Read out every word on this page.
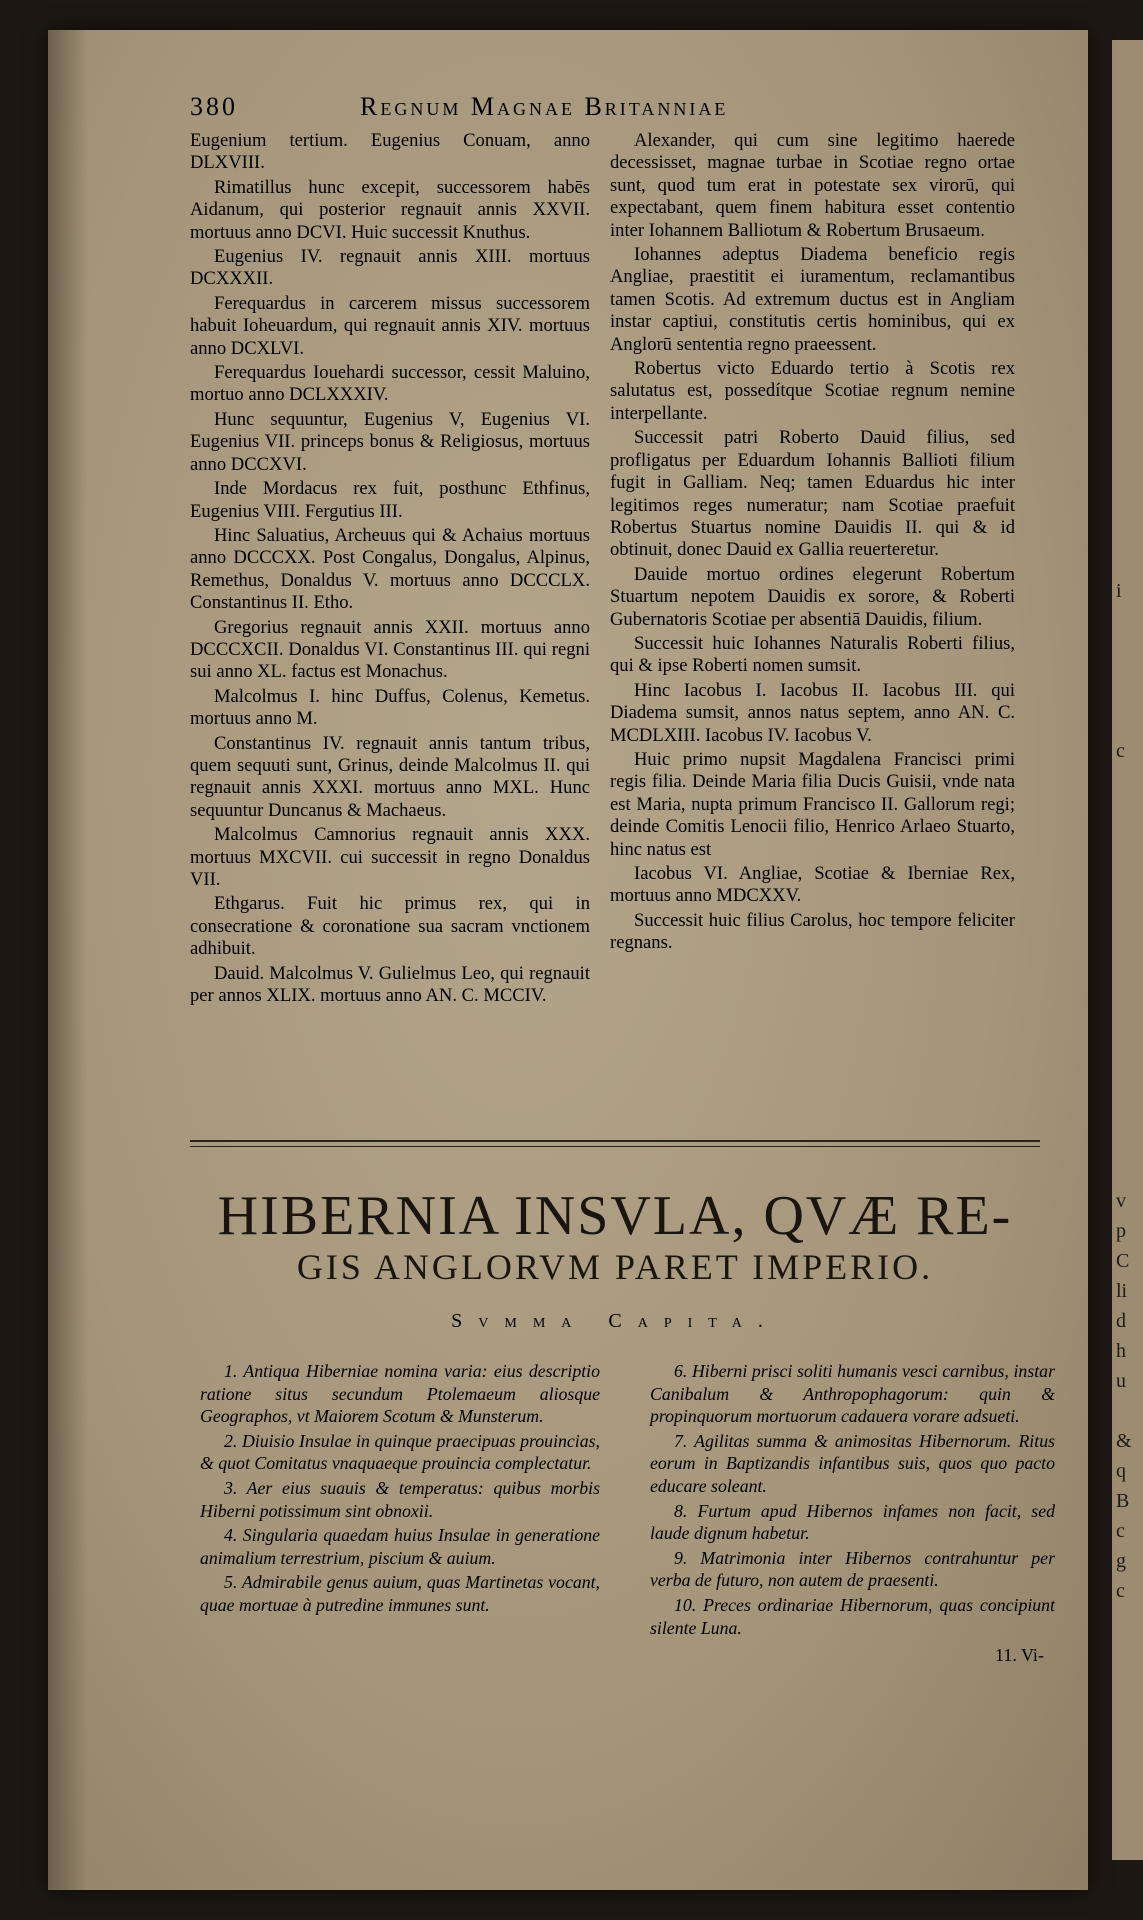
i
c
v
p
C
li
d
h
u
&
q
B
c
g
c
380	Regnum Magnae Britanniae

Eugenium tertium. Eugenius Conuam, anno DLXVIII.

Rimatillus hunc excepit, successorem habēs Aidanum, qui posterior regnauit annis XXVII. mortuus anno DCVI. Huic successit Knuthus.

Eugenius IV. regnauit annis XIII. mortuus DCXXXII.

Ferequardus in carcerem missus successorem habuit Ioheuardum, qui regnauit annis XIV. mortuus anno DCXLVI.

Ferequardus Iouehardi successor, cessit Maluino, mortuo anno DCLXXXIV.

Hunc sequuntur, Eugenius V, Eugenius VI. Eugenius VII. princeps bonus & Religiosus, mortuus anno DCCXVI.

Inde Mordacus rex fuit, posthunc Ethfinus, Eugenius VIII. Fergutius III.

Hinc Saluatius, Archeuus qui & Achaius mortuus anno DCCCXX. Post Congalus, Dongalus, Alpinus, Remethus, Donaldus V. mortuus anno DCCCLX. Constantinus II. Etho.

Gregorius regnauit annis XXII. mortuus anno DCCCXCII. Donaldus VI. Constantinus III. qui regni sui anno XL. factus est Monachus.

Malcolmus I. hinc Duffus, Colenus, Kemetus. mortuus anno M.

Constantinus IV. regnauit annis tantum tribus, quem sequuti sunt, Grinus, deinde Malcolmus II. qui regnauit annis XXXI. mortuus anno MXL. Hunc sequuntur Duncanus & Machaeus.

Malcolmus Camnorius regnauit annis XXX. mortuus MXCVII. cui successit in regno Donaldus VII.

Ethgarus. Fuit hic primus rex, qui in consecratione & coronatione sua sacram vnctionem adhibuit.

Dauid. Malcolmus V. Gulielmus Leo, qui regnauit per annos XLIX. mortuus anno AN. C. MCCIV.

Alexander, qui cum sine legitimo haerede decessisset, magnae turbae in Scotiae regno ortae sunt, quod tum erat in potestate sex virorū, qui expectabant, quem finem habitura esset contentio inter Iohannem Balliotum & Robertum Brusaeum.

Iohannes adeptus Diadema beneficio regis Angliae, praestitit ei iuramentum, reclamantibus tamen Scotis. Ad extremum ductus est in Angliam instar captiui, constitutis certis hominibus, qui ex Anglorū sententia regno praeessent.

Robertus victo Eduardo tertio à Scotis rex salutatus est, possedítque Scotiae regnum nemine interpellante.

Successit patri Roberto Dauid filius, sed profligatus per Eduardum Iohannis Ballioti filium fugit in Galliam. Neq; tamen Eduardus hic inter legitimos reges numeratur; nam Scotiae praefuit Robertus Stuartus nomine Dauidis II. qui & id obtinuit, donec Dauid ex Gallia reuerteretur.

Dauide mortuo ordines elegerunt Robertum Stuartum nepotem Dauidis ex sorore, & Roberti Gubernatoris Scotiae per absentiā Dauidis, filium.

Successit huic Iohannes Naturalis Roberti filius, qui & ipse Roberti nomen sumsit.

Hinc Iacobus I. Iacobus II. Iacobus III. qui Diadema sumsit, annos natus septem, anno AN. C. MCDLXIII. Iacobus IV. Iacobus V.

Huic primo nupsit Magdalena Francisci primi regis filia. Deinde Maria filia Ducis Guisii, vnde nata est Maria, nupta primum Francisco II. Gallorum regi; deinde Comitis Lenocii filio, Henrico Arlaeo Stuarto, hinc natus est

Iacobus VI. Angliae, Scotiae & Iberniae Rex, mortuus anno MDCXXV.

Successit huic filius Carolus, hoc tempore feliciter regnans.

HIBERNIA INSVLA, QVÆ RE-
GIS ANGLORVM PARET IMPERIO.
Svmma Capita.

1. Antiqua Hiberniae nomina varia: eius descriptio ratione situs secundum Ptolemaeum aliosque Geographos, vt Maiorem Scotum & Munsterum.

2. Diuisio Insulae in quinque praecipuas prouincias, & quot Comitatus vnaquaeque prouincia complectatur.

3. Aer eius suauis & temperatus: quibus morbis Hiberni potissimum sint obnoxii.

4. Singularia quaedam huius Insulae in generatione animalium terrestrium, piscium & auium.

5. Admirabile genus auium, quas Martinetas vocant, quae mortuae à putredine immunes sunt.

6. Hiberni prisci soliti humanis vesci carnibus, instar Canibalum & Anthropophagorum: quin & propinquorum mortuorum cadauera vorare adsueti.

7. Agilitas summa & animositas Hibernorum. Ritus eorum in Baptizandis infantibus suis, quos quo pacto educare soleant.

8. Furtum apud Hibernos infames non facit, sed laude dignum habetur.

9. Matrimonia inter Hibernos contrahuntur per verba de futuro, non autem de praesenti.

10. Preces ordinariae Hibernorum, quas concipiunt silente Luna.

11. Vi-
